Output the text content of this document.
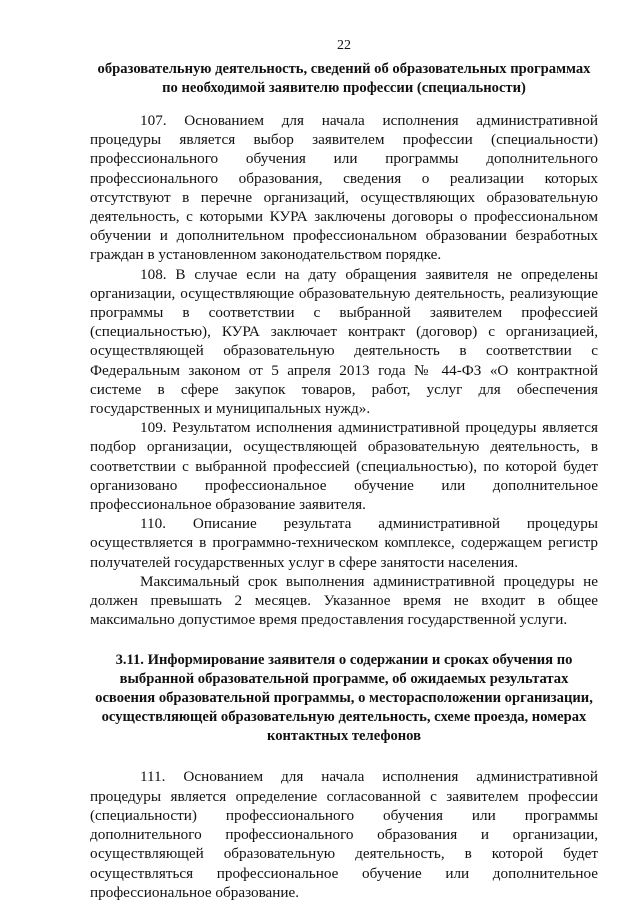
22

образовательную деятельность, сведений об образовательных программах по необходимой заявителю профессии (специальности)

107. Основанием для начала исполнения административной процедуры является выбор заявителем профессии (специальности) профессионального обучения или программы дополнительного профессионального образования, сведения о реализации которых отсутствуют в перечне организаций, осуществляющих образовательную деятельность, с которыми КУРА заключены договоры о профессиональном обучении и дополнительном профессиональном образовании безработных граждан в установленном законодательством порядке.

108. В случае если на дату обращения заявителя не определены организации, осуществляющие образовательную деятельность, реализующие программы в соответствии с выбранной заявителем профессией (специальностью), КУРА заключает контракт (договор) с организацией, осуществляющей образовательную деятельность в соответствии с Федеральным законом от 5 апреля 2013 года № 44-ФЗ «О контрактной системе в сфере закупок товаров, работ, услуг для обеспечения государственных и муниципальных нужд».

109. Результатом исполнения административной процедуры является подбор организации, осуществляющей образовательную деятельность, в соответствии с выбранной профессией (специальностью), по которой будет организовано профессиональное обучение или дополнительное профессиональное образование заявителя.

110. Описание результата административной процедуры осуществляется в программно-техническом комплексе, содержащем регистр получателей государственных услуг в сфере занятости населения.

Максимальный срок выполнения административной процедуры не должен превышать 2 месяцев. Указанное время не входит в общее максимально допустимое время предоставления государственной услуги.

3.11. Информирование заявителя о содержании и сроках обучения по выбранной образовательной программе, об ожидаемых результатах освоения образовательной программы, о месторасположении организации, осуществляющей образовательную деятельность, схеме проезда, номерах контактных телефонов

111. Основанием для начала исполнения административной процедуры является определение согласованной с заявителем профессии (специальности) профессионального обучения или программы дополнительного профессионального образования и организации, осуществляющей образовательную деятельность, в которой будет осуществляться профессиональное обучение или дополнительное профессиональное образование.
